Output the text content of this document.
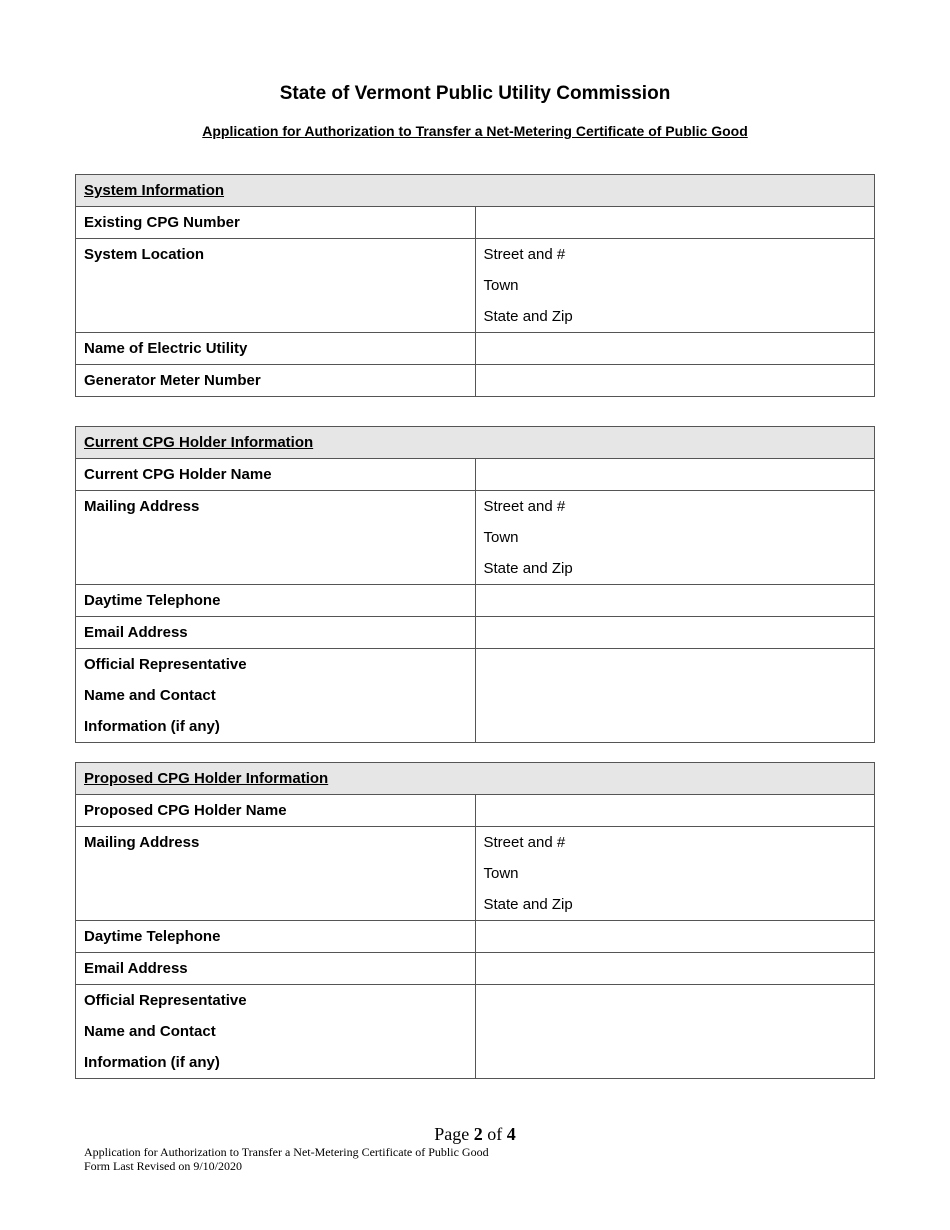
State of Vermont Public Utility Commission
Application for Authorization to Transfer a Net-Metering Certificate of Public Good
System Information	
Existing CPG Number	

System Location	Street and #
Town
State and Zip

Name of Electric Utility	
Generator Meter Number	
Current CPG Holder Information	
Current CPG Holder Name	

Mailing Address	Street and #
Town
State and Zip

Daytime Telephone	
Email Address	

Official Representative
Name and Contact
Information (if any)	

Proposed CPG Holder Information	
Proposed CPG Holder Name	

Mailing Address	Street and #
Town
State and Zip

Daytime Telephone	
Email Address	

Official Representative
Name and Contact
Information (if any)	

Page 2 of 4
Application for Authorization to Transfer a Net-Metering Certificate of Public Good
Form Last Revised on 9/10/2020
